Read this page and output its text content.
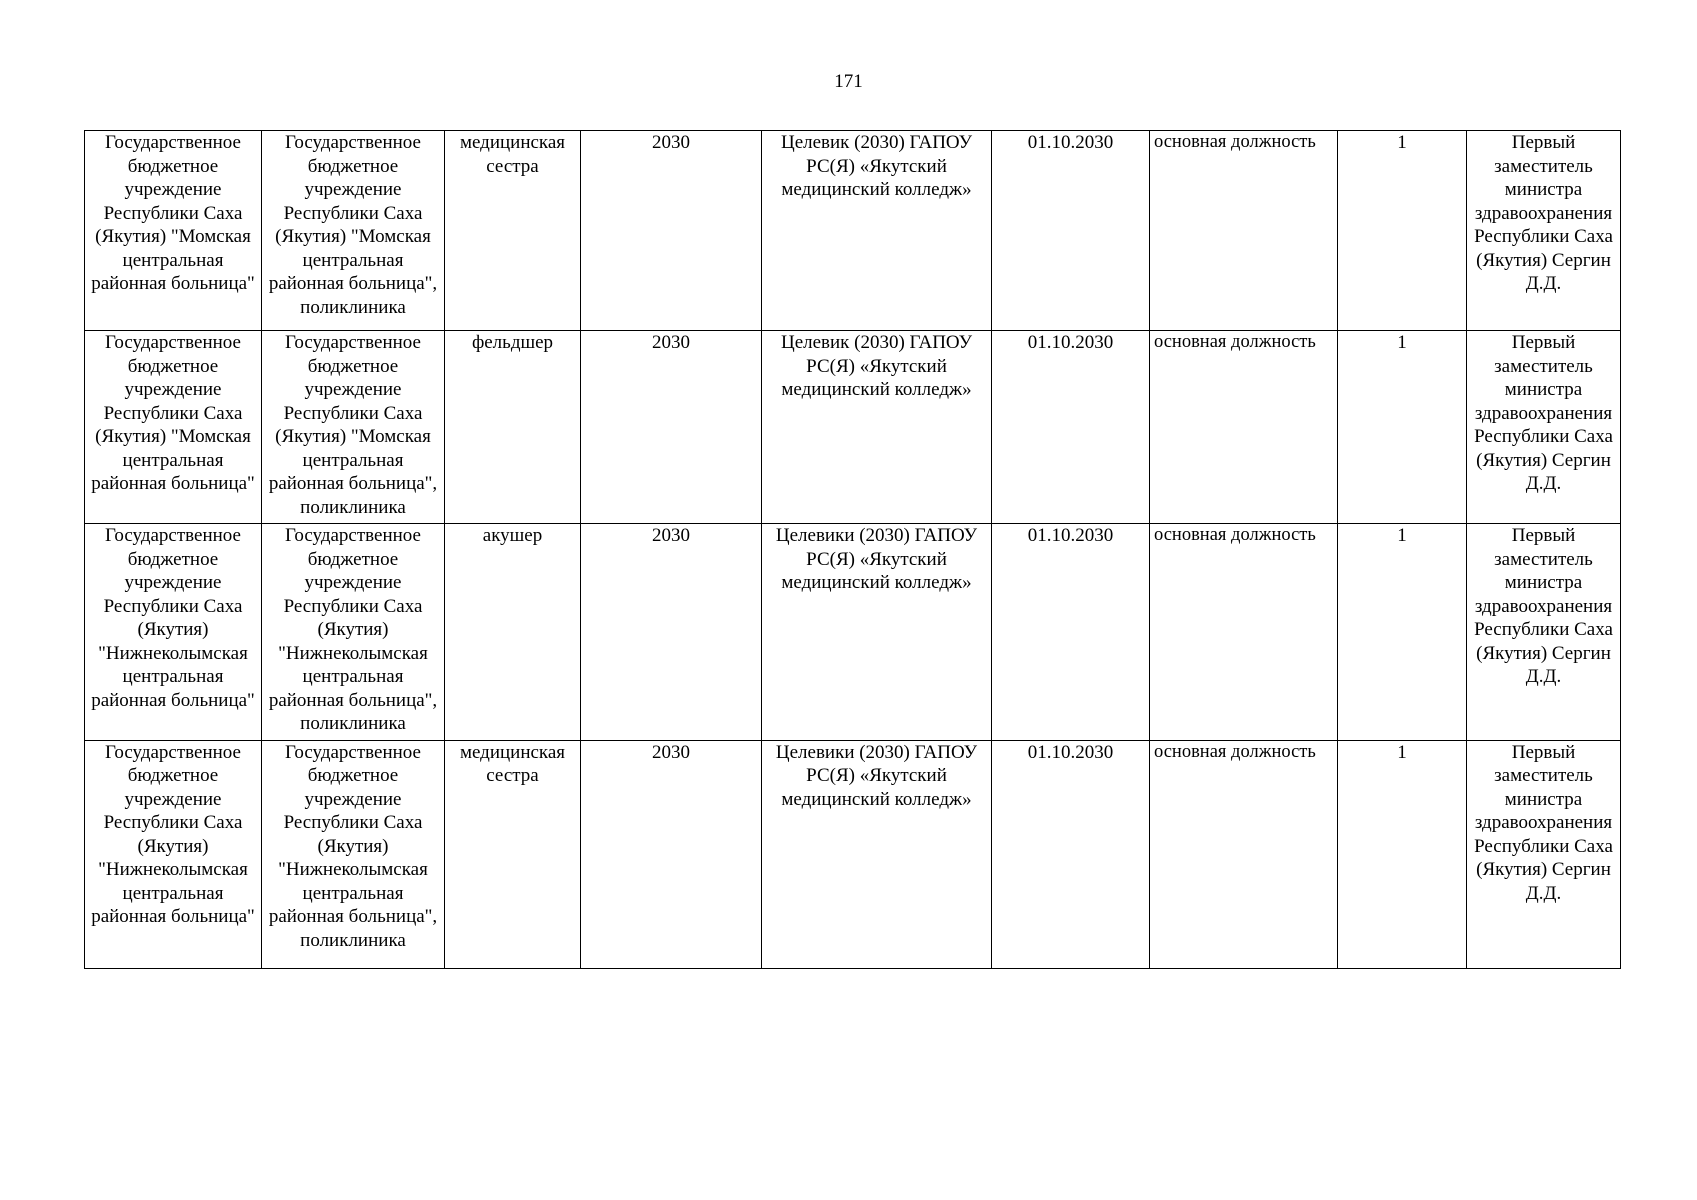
171
Государственное бюджетное учреждение Республики Саха (Якутия) "Момская центральная районная больница"	Государственное бюджетное учреждение Республики Саха (Якутия) "Момская центральная районная больница", поликлиника	медицинская сестра	2030	Целевик (2030) ГАПОУ РС(Я) «Якутский медицинский колледж»	01.10.2030	основная должность	1	Первый заместитель министра здравоохранения Республики Саха (Якутия) Сергин Д.Д.
Государственное бюджетное учреждение Республики Саха (Якутия) "Момская центральная районная больница"	Государственное бюджетное учреждение Республики Саха (Якутия) "Момская центральная районная больница", поликлиника	фельдшер	2030	Целевик (2030) ГАПОУ РС(Я) «Якутский медицинский колледж»	01.10.2030	основная должность	1	Первый заместитель министра здравоохранения Республики Саха (Якутия) Сергин Д.Д.
Государственное бюджетное учреждение Республики Саха (Якутия) "Нижнеколымская центральная районная больница"	Государственное бюджетное учреждение Республики Саха (Якутия) "Нижнеколымская центральная районная больница", поликлиника	акушер	2030	Целевики (2030) ГАПОУ РС(Я) «Якутский медицинский колледж»	01.10.2030	основная должность	1	Первый заместитель министра здравоохранения Республики Саха (Якутия) Сергин Д.Д.
Государственное бюджетное учреждение Республики Саха (Якутия) "Нижнеколымская центральная районная больница"	Государственное бюджетное учреждение Республики Саха (Якутия) "Нижнеколымская центральная районная больница", поликлиника	медицинская сестра	2030	Целевики (2030) ГАПОУ РС(Я) «Якутский медицинский колледж»	01.10.2030	основная должность	1	Первый заместитель министра здравоохранения Республики Саха (Якутия) Сергин Д.Д.
